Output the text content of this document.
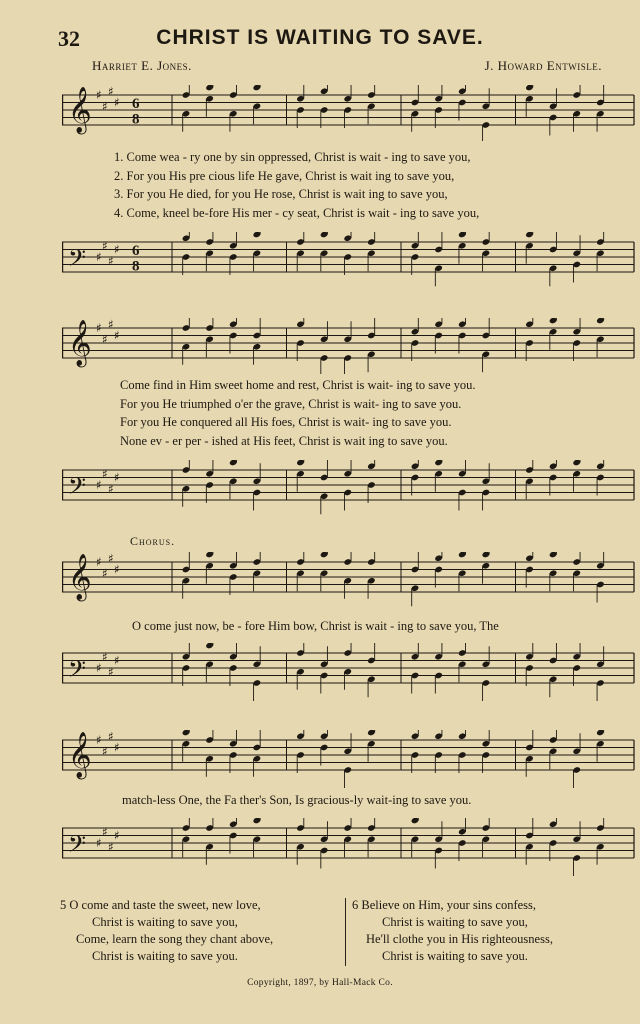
32	CHRIST IS WAITING TO SAVE.
Harriet E. Jones.	J. Howard Entwisle.
𝄞 ♯
♯
♯
♯ 6
8
1. Come wea - ry one by sin oppressed, Christ is wait - ing to save you,
2. For you His pre cious life He gave, Christ is wait ing to save you,
3. For you He died, for you He rose, Christ is wait ing to save you,
4. Come, kneel be-fore His mer - cy seat, Christ is wait - ing to save you,
𝄢 ♯
♯
♯
♯ 6
8
𝄞 ♯
♯
♯
♯
Come find in Him sweet home and rest, Christ is wait- ing to save you.
For you He triumphed o'er the grave, Christ is wait- ing to save you.
For you He conquered all His foes, Christ is wait- ing to save you.
None ev - er per - ished at His feet, Christ is wait ing to save you.
𝄢 ♯
♯
♯
♯
Chorus.
𝄞 ♯
♯
♯
♯
O come just now, be - fore Him bow, Christ is wait - ing to save you, The
𝄢 ♯
♯
♯
♯
𝄞 ♯
♯
♯
♯
match-less One, the Fa ther's Son, Is gracious-ly wait-ing to save you.
𝄢 ♯
♯
♯
♯
5 O come and taste the sweet, new love,
Christ is waiting to save you,
Come, learn the song they chant above,
Christ is waiting to save you.
6 Believe on Him, your sins confess,
Christ is waiting to save you,
He'll clothe you in His righteousness,
Christ is waiting to save you.
Copyright, 1897, by Hall-Mack Co.
